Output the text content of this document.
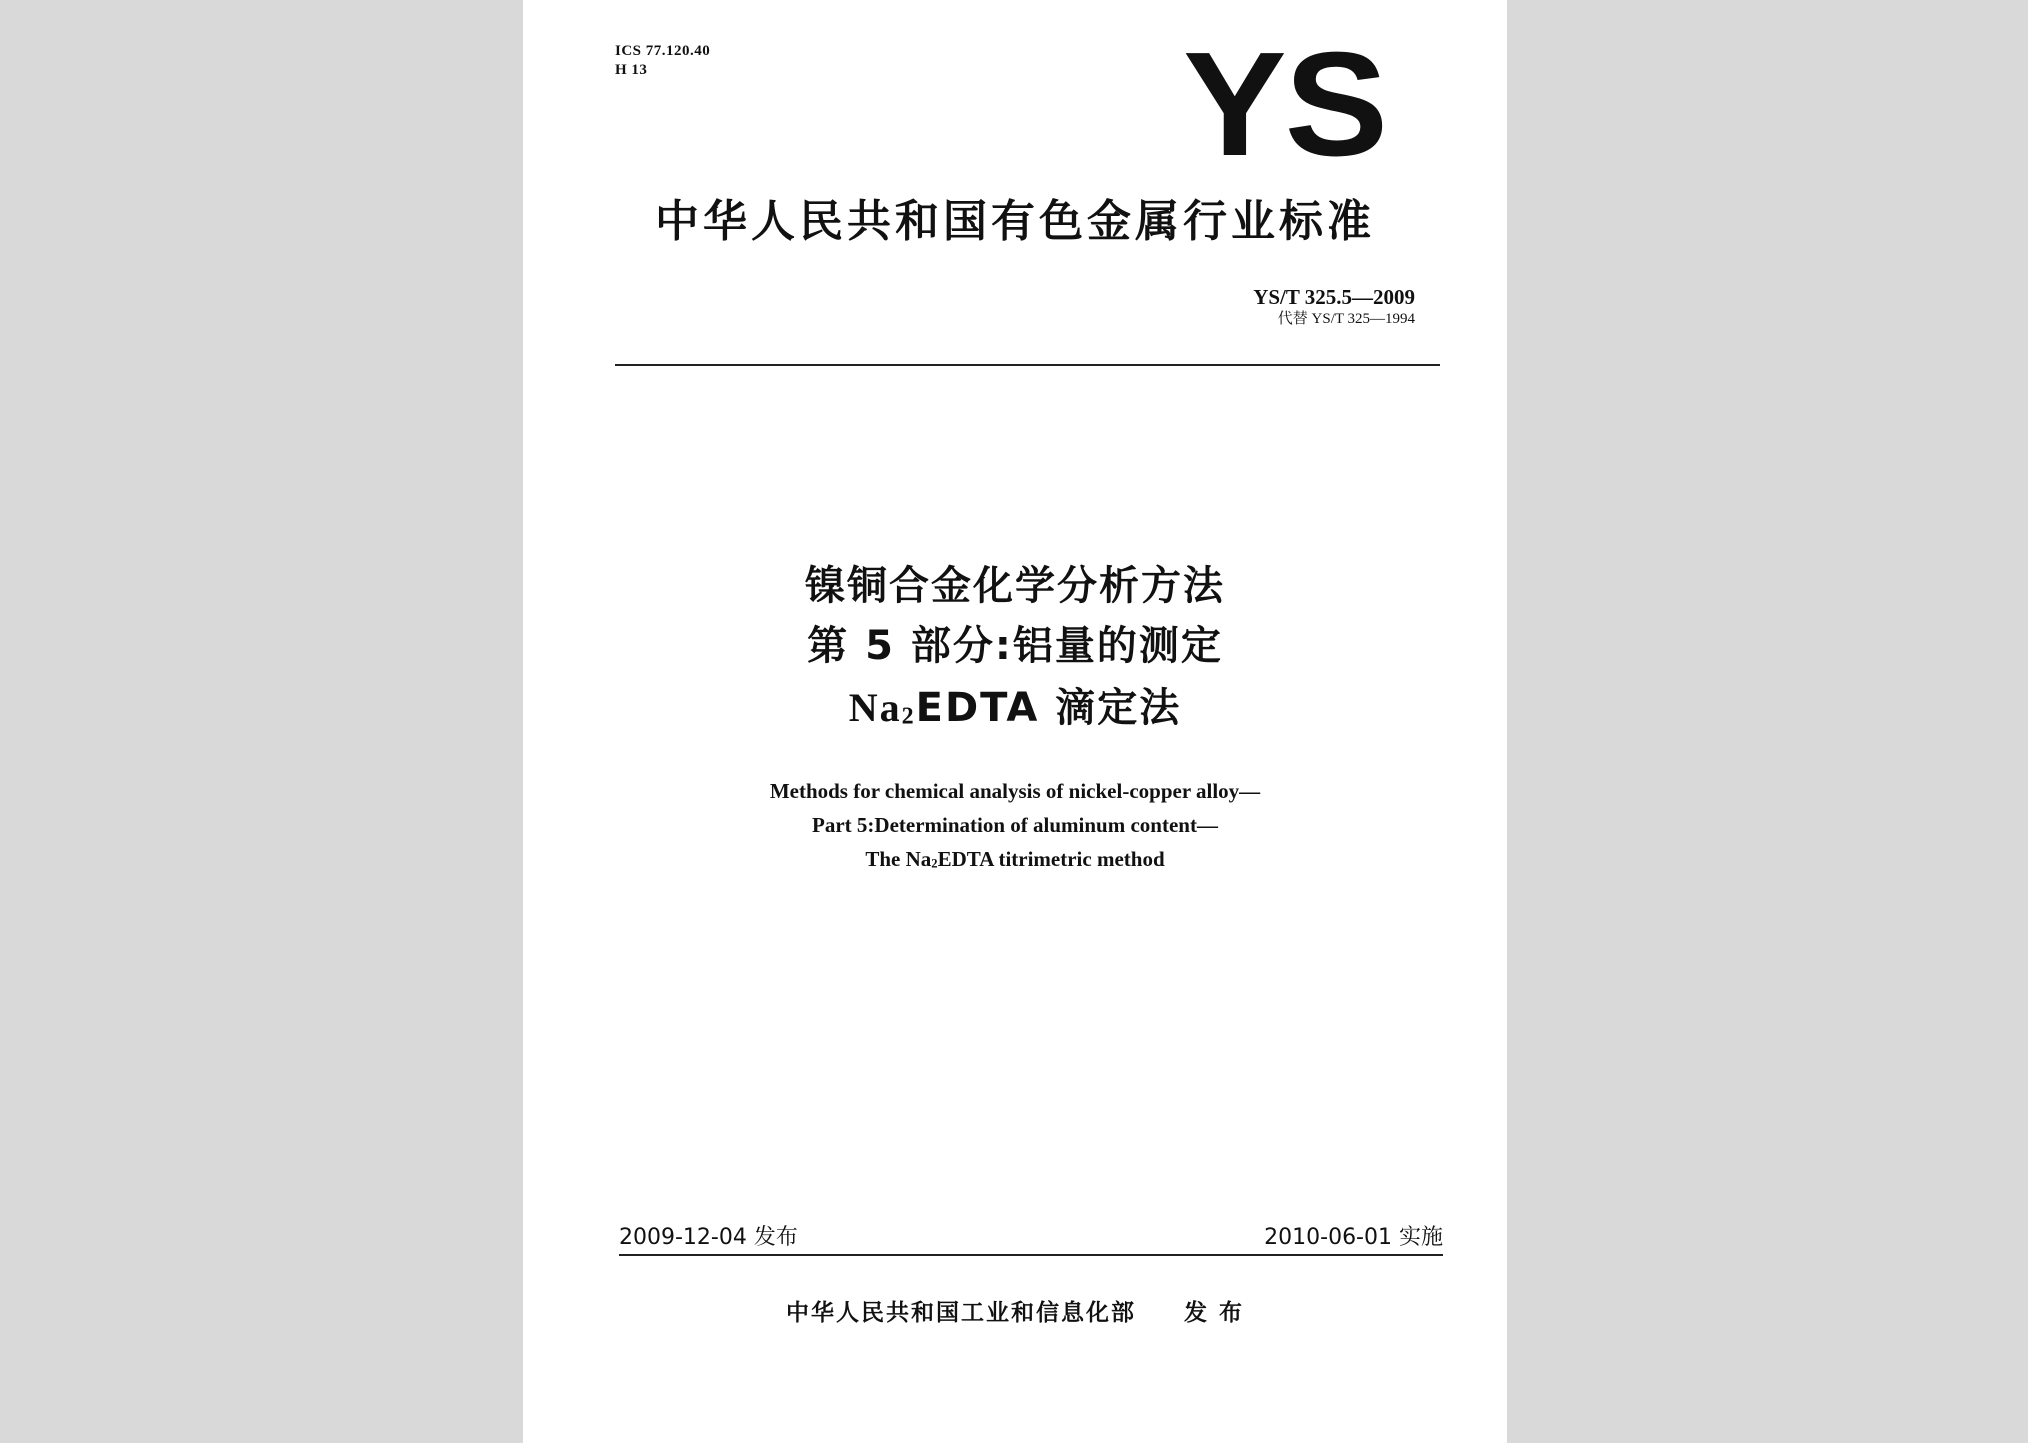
ICS 77.120.40
H 13	YS
中华人民共和国有色金属行业标准
YS/T 325.5—2009
代替 YS/T 325—1994
镍铜合金化学分析方法
第 5 部分:铝量的测定
$Na_2EDTA$ 滴定法
Methods for chemical analysis of nickel-copper alloy—
Part 5:Determination of aluminum content—
The $Na_2EDTA$ titrimetric method
2009-12-04 发布	2010-06-01 实施
中华人民共和国工业和信息化部 发 布
